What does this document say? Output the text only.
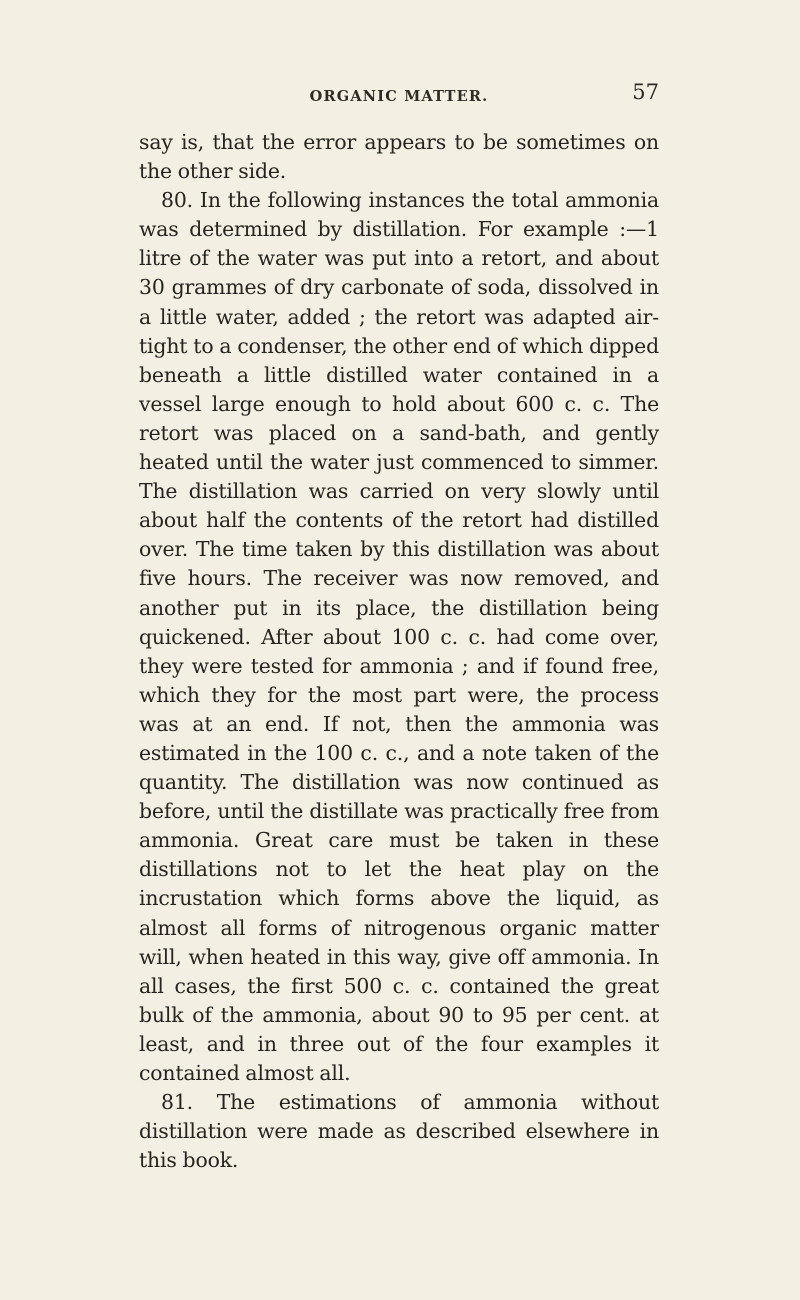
ORGANIC MATTER.	57

say is, that the error appears to be sometimes on the other side.

80. In the following instances the total ammonia was determined by distillation. For example :—1 litre of the water was put into a retort, and about 30 grammes of dry carbonate of soda, dissolved in a little water, added ; the retort was adapted air-tight to a condenser, the other end of which dipped beneath a little distilled water contained in a vessel large enough to hold about 600 c. c. The retort was placed on a sand-bath, and gently heated until the water just commenced to simmer. The distillation was carried on very slowly until about half the contents of the retort had distilled over. The time taken by this distillation was about five hours. The receiver was now removed, and another put in its place, the distillation being quickened. After about 100 c. c. had come over, they were tested for ammonia ; and if found free, which they for the most part were, the process was at an end. If not, then the ammonia was estimated in the 100 c. c., and a note taken of the quantity. The distillation was now continued as before, until the distillate was practically free from ammonia. Great care must be taken in these distillations not to let the heat play on the incrustation which forms above the liquid, as almost all forms of nitrogenous organic matter will, when heated in this way, give off ammonia. In all cases, the first 500 c. c. contained the great bulk of the ammonia, about 90 to 95 per cent. at least, and in three out of the four examples it contained almost all.

81. The estimations of ammonia without distillation were made as described elsewhere in this book.
